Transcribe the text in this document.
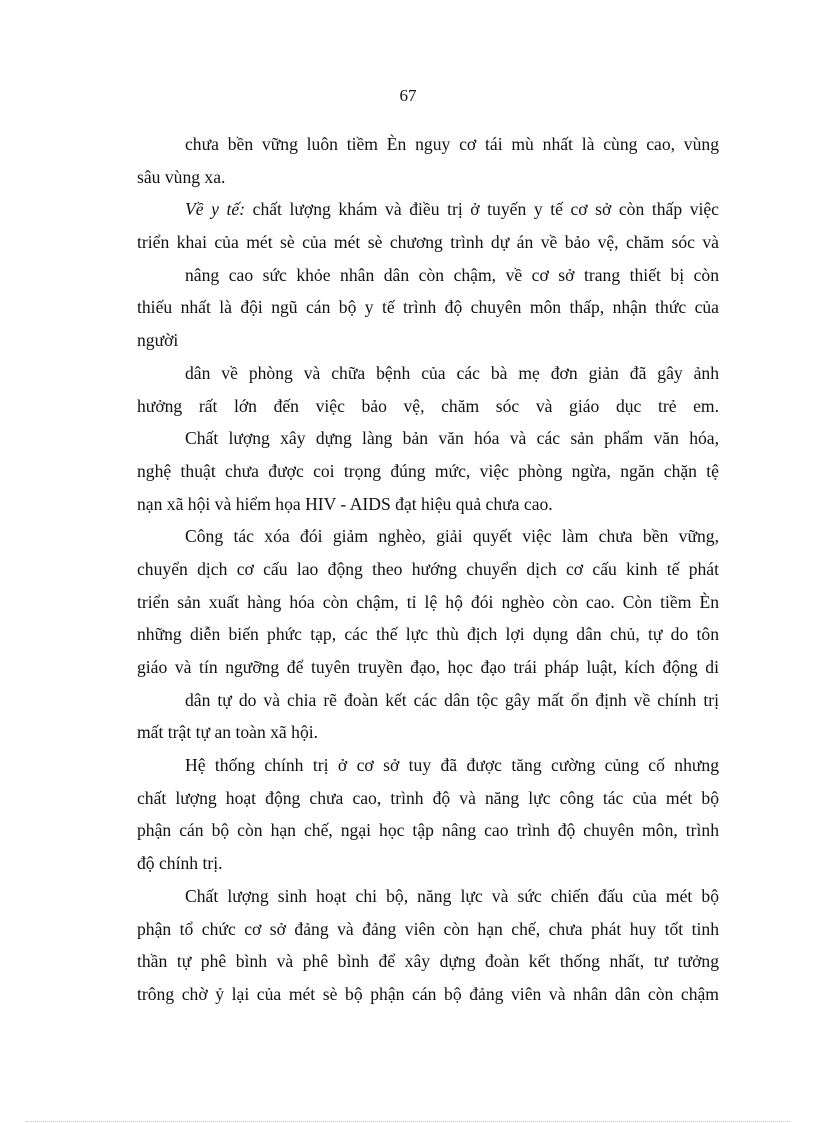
67
chưa bền vững luôn tiềm Èn nguy cơ tái mù nhất là cùng cao, vùng
sâu vùng xa.
Về y tế: chất lượng khám và điều trị ở tuyến y tế cơ sở còn thấp việc
triển khai của mét sè của mét sè chương trình dự án về bảo vệ, chăm sóc và
nâng cao sức khỏe nhân dân còn chậm, về cơ sở trang thiết bị còn
thiếu nhất là đội ngũ cán bộ y tế trình độ chuyên môn thấp, nhận thức của
người
dân về phòng và chữa bệnh của các bà mẹ đơn giản đã gây ảnh
hưởng rất lớn đến việc bảo vệ, chăm sóc và giáo dục trẻ em.
Chất lượng xây dựng làng bản văn hóa và các sản phẩm văn hóa,
nghệ thuật chưa được coi trọng đúng mức, việc phòng ngừa, ngăn chặn tệ
nạn xã hội và hiểm họa HIV - AIDS đạt hiệu quả chưa cao.
Công tác xóa đói giảm nghèo, giải quyết việc làm chưa bền vững,
chuyển dịch cơ cấu lao động theo hướng chuyển dịch cơ cấu kinh tế phát
triển sản xuất hàng hóa còn chậm, tỉ lệ hộ đói nghèo còn cao. Còn tiềm Èn
những diễn biến phức tạp, các thế lực thù địch lợi dụng dân chủ, tự do tôn
giáo và tín ngưỡng để tuyên truyền đạo, học đạo trái pháp luật, kích động di
dân tự do và chia rẽ đoàn kết các dân tộc gây mất ổn định về chính trị
mất trật tự an toàn xã hội.
Hệ thống chính trị ở cơ sở tuy đã được tăng cường củng cố nhưng
chất lượng hoạt động chưa cao, trình độ và năng lực công tác của mét bộ
phận cán bộ còn hạn chế, ngại học tập nâng cao trình độ chuyên môn, trình
độ chính trị.
Chất lượng sinh hoạt chi bộ, năng lực và sức chiến đấu của mét bộ
phận tổ chức cơ sở đảng và đảng viên còn hạn chế, chưa phát huy tốt tinh
thần tự phê bình và phê bình để xây dựng đoàn kết thống nhất, tư tưởng
trông chờ ỷ lại của mét sè bộ phận cán bộ đảng viên và nhân dân còn chậm
